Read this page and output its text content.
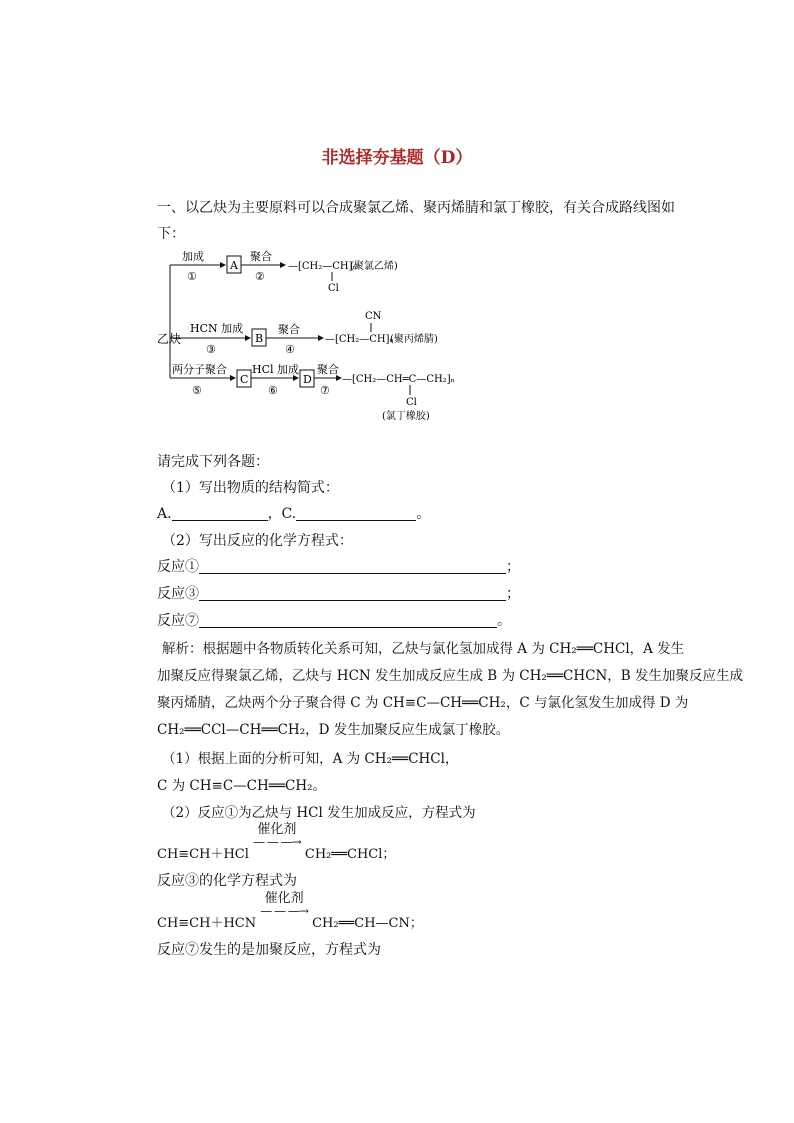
非选择夯基题（D）
一、以乙炔为主要原料可以合成聚氯乙烯、聚丙烯腈和氯丁橡胶，有关合成路线图如
下：
乙炔
加成
①
A
聚合
②
—[CH₂—CH]ₙ
Cl
(聚氯乙烯)
HCN 加成
③
B
聚合
④
CN
—[CH₂—CH]ₙ
(聚丙烯腈)
两分子聚合
⑤
C
HCl 加成
⑥
D
聚合
⑦
—[CH₂—CH═C—CH₂]ₙ
Cl
(氯丁橡胶)
请完成下列各题：
（1）写出物质的结构简式：
A.	，C.	。
（2）写出反应的化学方程式：
反应①	；
反应③	；
反应⑦	。
解析：根据题中各物质转化关系可知，乙炔与氯化氢加成得 A 为 CH₂══CHCl，A 发生
加聚反应得聚氯乙烯，乙炔与 HCN 发生加成反应生成 B 为 CH₂══CHCN，B 发生加聚反应生成
聚丙烯腈，乙炔两个分子聚合得 C 为 CH≡C—CH══CH₂，C 与氯化氢发生加成得 D 为
CH₂══CCl—CH══CH₂，D 发生加聚反应生成氯丁橡胶。
（1）根据上面的分析可知，A 为 CH₂══CHCl，
C 为 CH≡C—CH══CH₂。
（2）反应①为乙炔与 HCl 发生加成反应，方程式为
CH≡CH＋HCl
催化剂
— — —→
CH₂══CHCl；
反应③的化学方程式为
CH≡CH＋HCN
催化剂
— — —→
CH₂══CH—CN；
反应⑦发生的是加聚反应，方程式为
